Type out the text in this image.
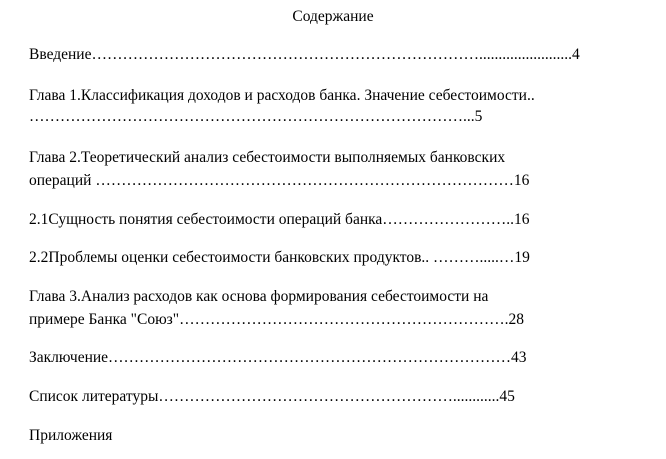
Содержание
Введение…………………………………………………………………........................4
Глава 1.Классификация доходов и расходов банка. Значение себестоимости..
…………………………………………………………………………...5
Глава 2.Теоретический анализ себестоимости выполняемых банковских
операций ………………………………………………………………………16
2.1Сущность понятия себестоимости операций банка……………………..16
2.2Проблемы оценки себестоимости банковских продуктов.. ……….....…19
Глава 3.Анализ расходов как основа формирования себестоимости на
примере Банка "Союз"……………………………………………………….28
Заключение……………………………………………………………………43
Список литературы…………………………………………………............45
Приложения
